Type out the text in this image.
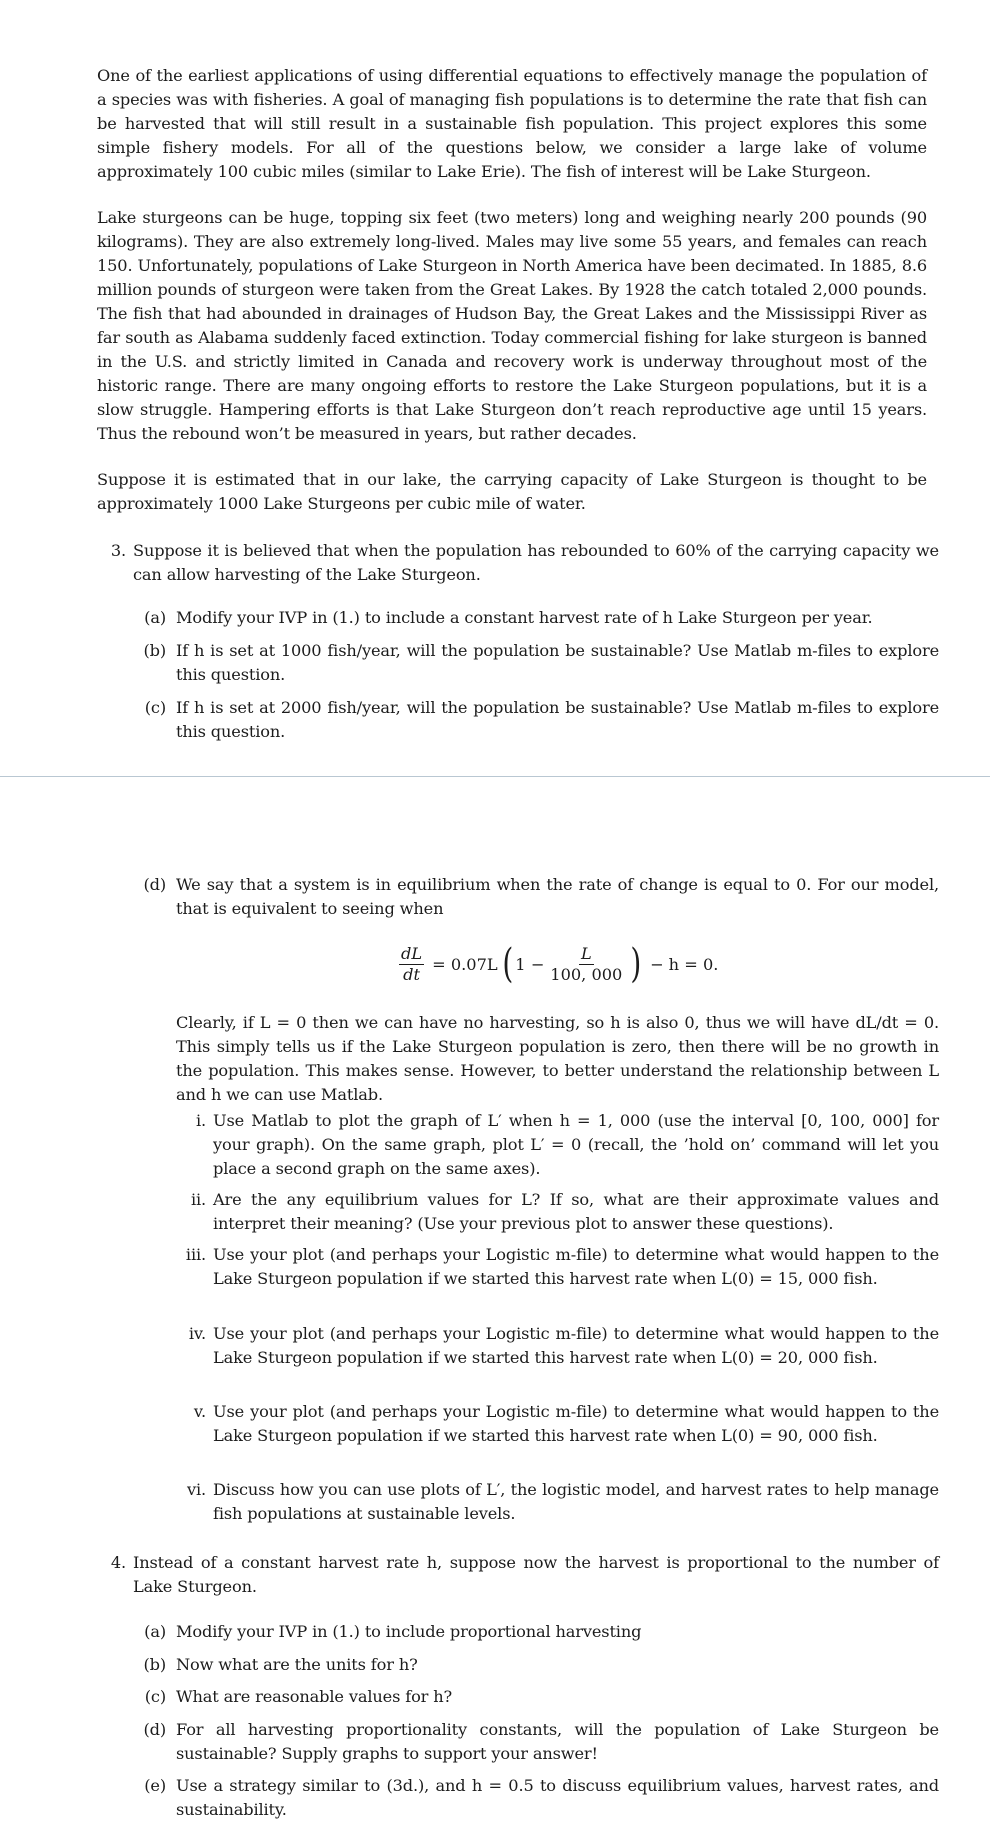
One of the earliest applications of using differential equations to effectively manage the population of a species was with fisheries. A goal of managing fish populations is to determine the rate that fish can be harvested that will still result in a sustainable fish population. This project explores this some simple fishery models. For all of the questions below, we consider a large lake of volume approximately 100 cubic miles (similar to Lake Erie). The fish of interest will be Lake Sturgeon.

Lake sturgeons can be huge, topping six feet (two meters) long and weighing nearly 200 pounds (90 kilograms). They are also extremely long-lived. Males may live some 55 years, and females can reach 150. Unfortunately, populations of Lake Sturgeon in North America have been decimated. In 1885, 8.6 million pounds of sturgeon were taken from the Great Lakes. By 1928 the catch totaled 2,000 pounds. The fish that had abounded in drainages of Hudson Bay, the Great Lakes and the Mississippi River as far south as Alabama suddenly faced extinction. Today commercial fishing for lake sturgeon is banned in the U.S. and strictly limited in Canada and recovery work is underway throughout most of the historic range. There are many ongoing efforts to restore the Lake Sturgeon populations, but it is a slow struggle. Hampering efforts is that Lake Sturgeon don’t reach reproductive age until 15 years. Thus the rebound won’t be measured in years, but rather decades.

Suppose it is estimated that in our lake, the carrying capacity of Lake Sturgeon is thought to be approximately 1000 Lake Sturgeons per cubic mile of water.

3. Suppose it is believed that when the population has rebounded to 60% of the carrying capacity we can allow harvesting of the Lake Sturgeon.

(a) Modify your IVP in (1.) to include a constant harvest rate of h Lake Sturgeon per year.

(b) If h is set at 1000 fish/year, will the population be sustainable? Use Matlab m-files to explore this question.

(c) If h is set at 2000 fish/year, will the population be sustainable? Use Matlab m-files to explore this question.

(d) We say that a system is in equilibrium when the rate of change is equal to 0. For our model, that is equivalent to seeing when

$\frac{dL}{dt} = 0.07L$ ( $1 - \frac{L}{100, 000}$ ) − h = 0.

Clearly, if L = 0 then we can have no harvesting, so h is also 0, thus we will have dL/dt = 0. This simply tells us if the Lake Sturgeon population is zero, then there will be no growth in the population. This makes sense. However, to better understand the relationship between L and h we can use Matlab.

i. Use Matlab to plot the graph of L′ when h = 1, 000 (use the interval [0, 100, 000] for your graph). On the same graph, plot L′ = 0 (recall, the ’hold on’ command will let you place a second graph on the same axes).

ii. Are the any equilibrium values for L? If so, what are their approximate values and interpret their meaning? (Use your previous plot to answer these questions).

iii. Use your plot (and perhaps your Logistic m-file) to determine what would happen to the Lake Sturgeon population if we started this harvest rate when L(0) = 15, 000 fish.

iv. Use your plot (and perhaps your Logistic m-file) to determine what would happen to the Lake Sturgeon population if we started this harvest rate when L(0) = 20, 000 fish.

v. Use your plot (and perhaps your Logistic m-file) to determine what would happen to the Lake Sturgeon population if we started this harvest rate when L(0) = 90, 000 fish.

vi. Discuss how you can use plots of L′, the logistic model, and harvest rates to help manage fish populations at sustainable levels.

4. Instead of a constant harvest rate h, suppose now the harvest is proportional to the number of Lake Sturgeon.

(a) Modify your IVP in (1.) to include proportional harvesting

(b) Now what are the units for h?

(c) What are reasonable values for h?

(d) For all harvesting proportionality constants, will the population of Lake Sturgeon be sustainable? Supply graphs to support your answer!

(e) Use a strategy similar to (3d.), and h = 0.5 to discuss equilibrium values, harvest rates, and sustainability.
